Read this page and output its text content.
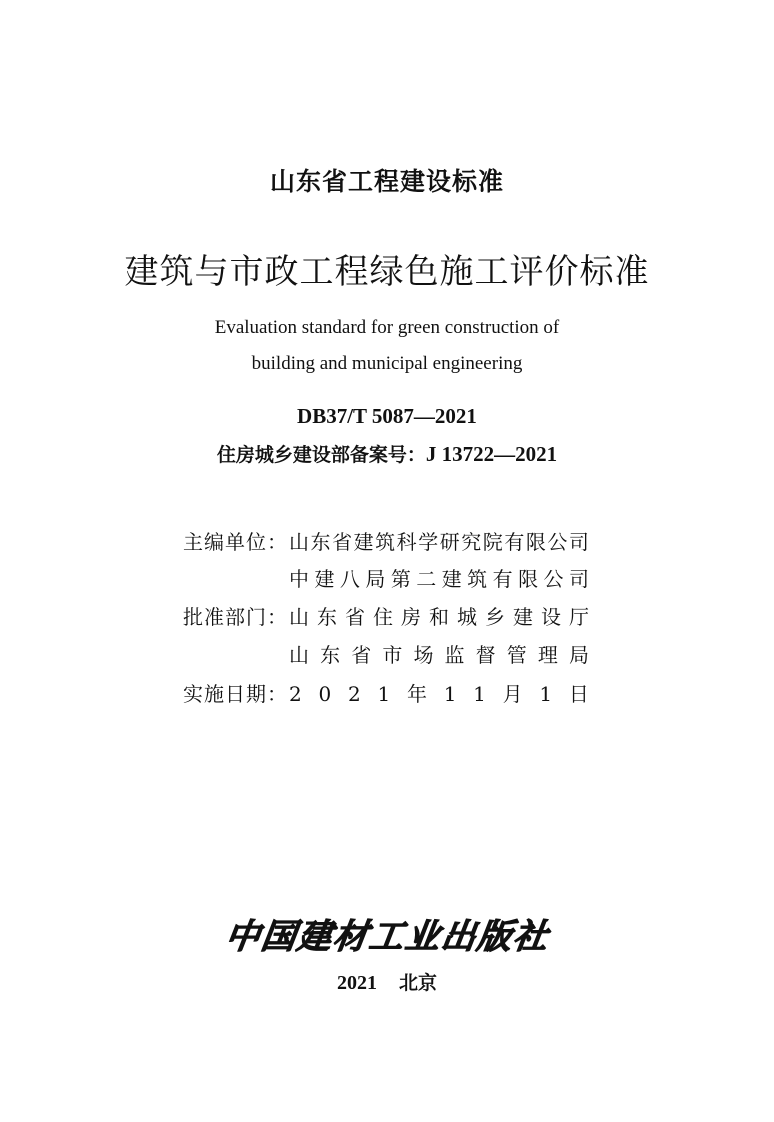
山东省工程建设标准
建筑与市政工程绿色施工评价标准
Evaluation standard for green construction of
building and municipal engineering
DB37/T 5087—2021
住房城乡建设部备案号：J 13722—2021
主编单位： 山 东 省 建 筑 科 学 研 究 院 有 限 公 司
中 建 八 局 第 二 建 筑 有 限 公 司
批准部门： 山 东 省 住 房 和 城 乡 建 设 厅
山 东 省 市 场 监 督 管 理 局
实施日期： 2 0 2 1 年 1 1 月 1 日
中国建材工业出版社
2021 北京
